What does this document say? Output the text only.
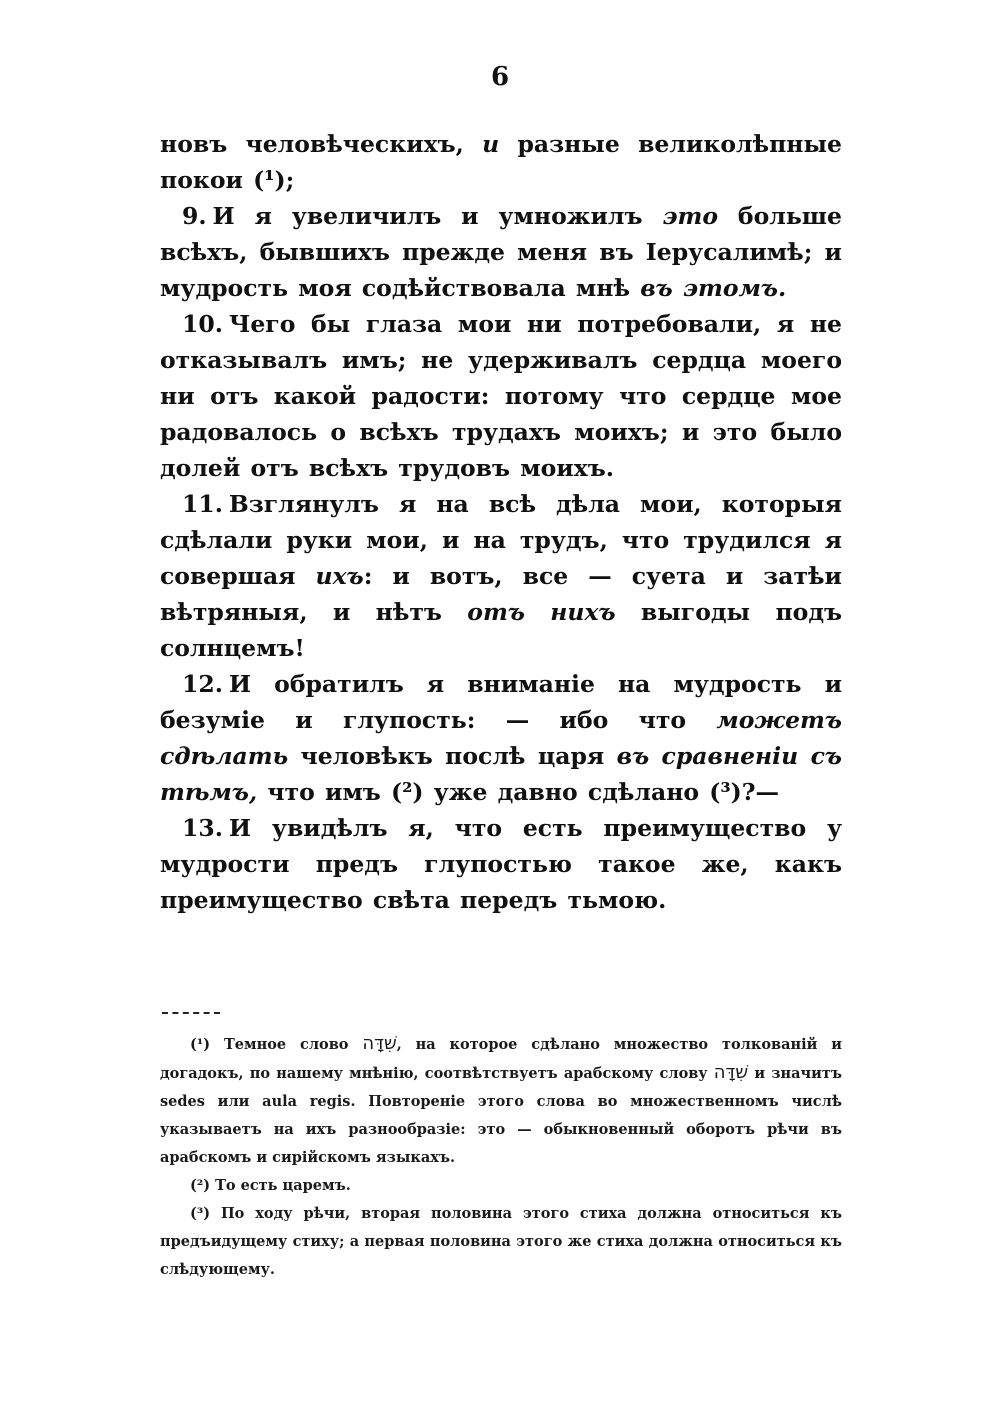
6

новъ человѣческихъ, и разные великолѣпные покои (¹);

9. И я увеличилъ и умножилъ это больше всѣхъ, бывшихъ прежде меня въ Іерусалимѣ; и мудрость моя содѣйствовала мнѣ въ этомъ.

10. Чего бы глаза мои ни потребовали, я не отказывалъ имъ; не удерживалъ сердца моего ни отъ какой радости: потому что сердце мое радовалось о всѣхъ трудахъ моихъ; и это было долей отъ всѣхъ трудовъ моихъ.

11. Взглянулъ я на всѣ дѣла мои, которыя сдѣлали руки мои, и на трудъ, что трудился я совершая ихъ: и вотъ, все — суета и затѣи вѣтряныя, и нѣтъ отъ нихъ выгоды подъ солнцемъ!

12. И обратилъ я вниманіе на мудрость и безуміе и глупость: — ибо что можетъ сдѣлать человѣкъ послѣ царя въ сравненіи съ тѣмъ, что имъ (²) уже давно сдѣлано (³)?—

13. И увидѣлъ я, что есть преимущество у мудрости предъ глупостью такое же, какъ преимущество свѣта передъ тьмою.

(¹) Темное слово שִׁדָּה, на которое сдѣлано множество толкованій и догадокъ, по нашему мнѣнію, соотвѣтствуетъ арабскому слову שִׁדָּה и значитъ sedes или aula regis. Повтореніе этого слова во множественномъ числѣ указываетъ на ихъ разнообразіе: это — обыкновенный оборотъ рѣчи въ арабскомъ и сирійскомъ языкахъ.

(²) То есть царемъ.

(³) По ходу рѣчи, вторая половина этого стиха должна относиться къ предъидущему стиху; а первая половина этого же стиха должна относиться къ слѣдующему.
